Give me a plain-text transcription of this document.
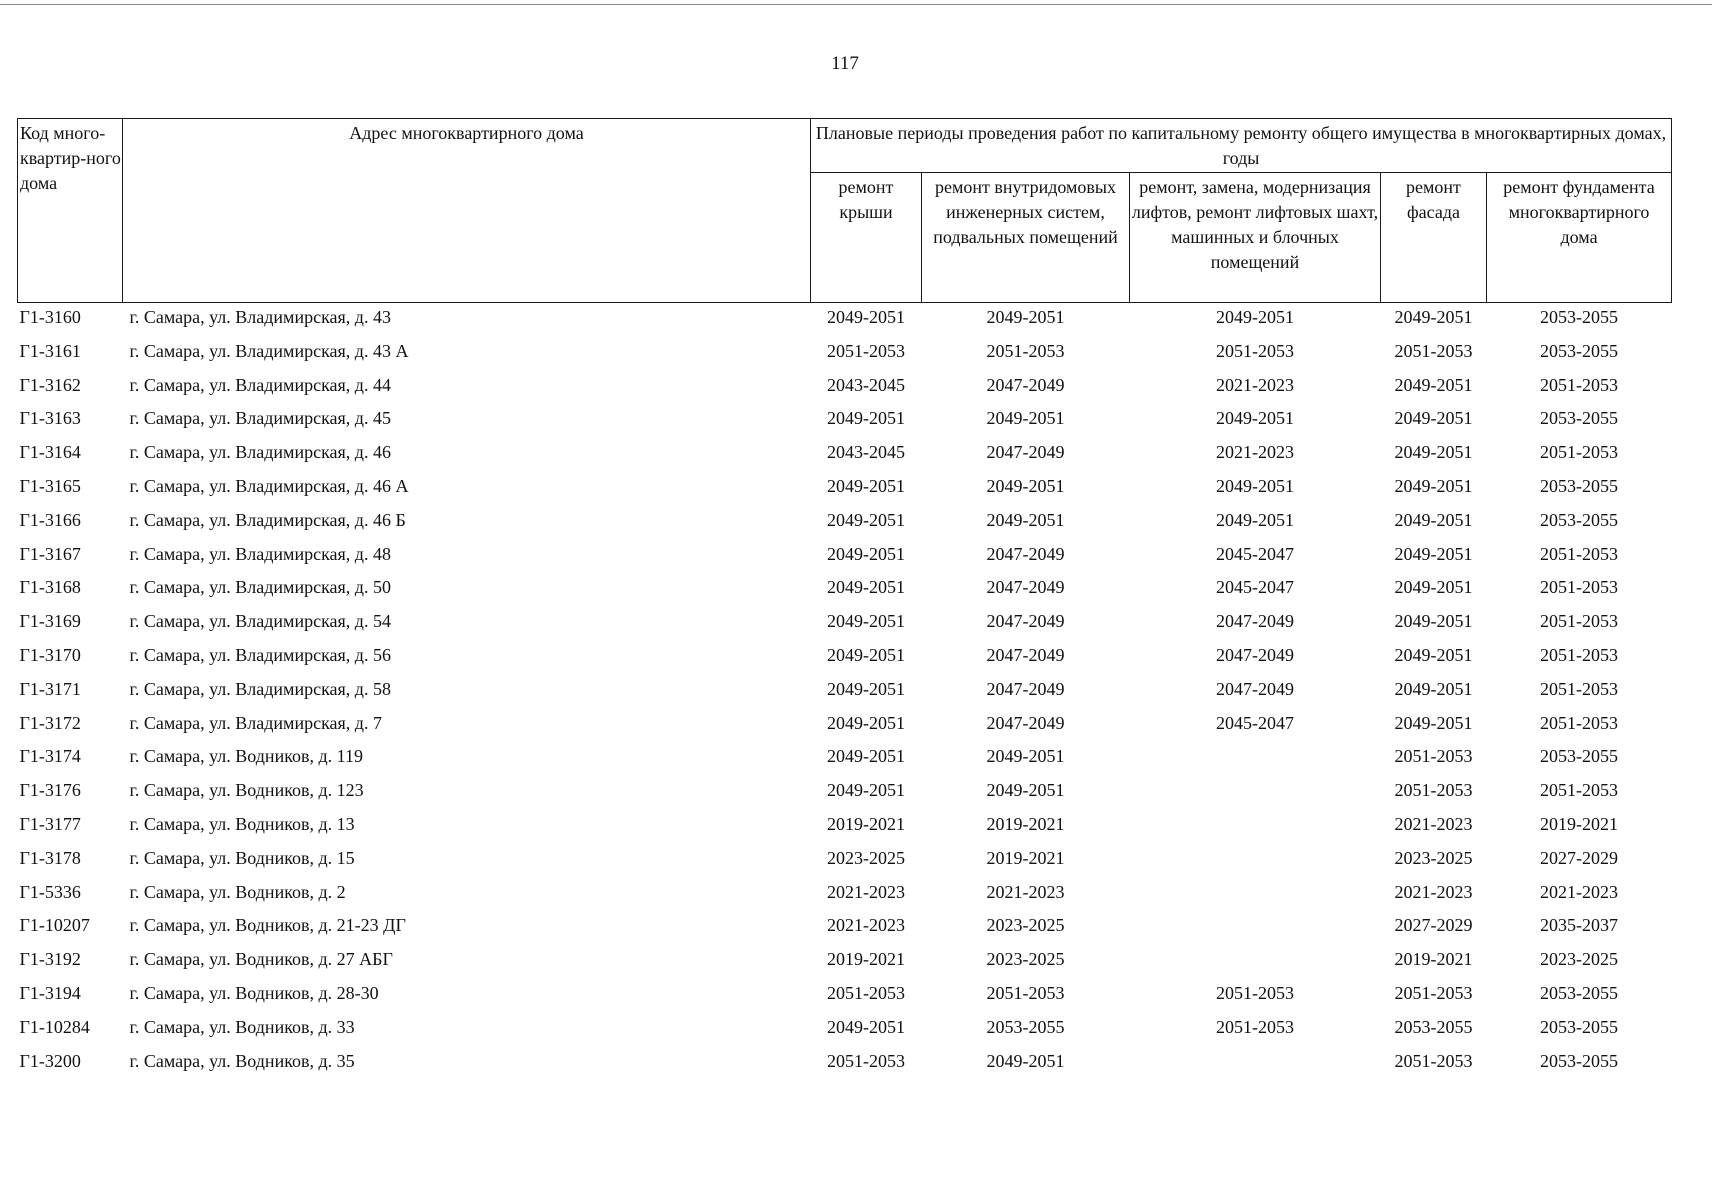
117
Код много-квартир-ного дома	Адрес многоквартирного дома	Плановые периоды проведения работ по капитальному ремонту общего имущества в многоквартирных домах, годы				
		ремонт крыши	ремонт внутридомовых инженерных систем, подвальных помещений	ремонт, замена, модернизация лифтов, ремонт лифтовых шахт, машинных и блочных помещений	ремонт фасада	ремонт фундамента многоквартирного дома
Г1-3160	г. Самара, ул. Владимирская, д. 43	2049-2051	2049-2051	2049-2051	2049-2051	2053-2055
Г1-3161	г. Самара, ул. Владимирская, д. 43 А	2051-2053	2051-2053	2051-2053	2051-2053	2053-2055
Г1-3162	г. Самара, ул. Владимирская, д. 44	2043-2045	2047-2049	2021-2023	2049-2051	2051-2053
Г1-3163	г. Самара, ул. Владимирская, д. 45	2049-2051	2049-2051	2049-2051	2049-2051	2053-2055
Г1-3164	г. Самара, ул. Владимирская, д. 46	2043-2045	2047-2049	2021-2023	2049-2051	2051-2053
Г1-3165	г. Самара, ул. Владимирская, д. 46 А	2049-2051	2049-2051	2049-2051	2049-2051	2053-2055
Г1-3166	г. Самара, ул. Владимирская, д. 46 Б	2049-2051	2049-2051	2049-2051	2049-2051	2053-2055
Г1-3167	г. Самара, ул. Владимирская, д. 48	2049-2051	2047-2049	2045-2047	2049-2051	2051-2053
Г1-3168	г. Самара, ул. Владимирская, д. 50	2049-2051	2047-2049	2045-2047	2049-2051	2051-2053
Г1-3169	г. Самара, ул. Владимирская, д. 54	2049-2051	2047-2049	2047-2049	2049-2051	2051-2053
Г1-3170	г. Самара, ул. Владимирская, д. 56	2049-2051	2047-2049	2047-2049	2049-2051	2051-2053
Г1-3171	г. Самара, ул. Владимирская, д. 58	2049-2051	2047-2049	2047-2049	2049-2051	2051-2053
Г1-3172	г. Самара, ул. Владимирская, д. 7	2049-2051	2047-2049	2045-2047	2049-2051	2051-2053
Г1-3174	г. Самара, ул. Водников, д. 119	2049-2051	2049-2051		2051-2053	2053-2055
Г1-3176	г. Самара, ул. Водников, д. 123	2049-2051	2049-2051		2051-2053	2051-2053
Г1-3177	г. Самара, ул. Водников, д. 13	2019-2021	2019-2021		2021-2023	2019-2021
Г1-3178	г. Самара, ул. Водников, д. 15	2023-2025	2019-2021		2023-2025	2027-2029
Г1-5336	г. Самара, ул. Водников, д. 2	2021-2023	2021-2023		2021-2023	2021-2023
Г1-10207	г. Самара, ул. Водников, д. 21-23 ДГ	2021-2023	2023-2025		2027-2029	2035-2037
Г1-3192	г. Самара, ул. Водников, д. 27 АБГ	2019-2021	2023-2025		2019-2021	2023-2025
Г1-3194	г. Самара, ул. Водников, д. 28-30	2051-2053	2051-2053	2051-2053	2051-2053	2053-2055
Г1-10284	г. Самара, ул. Водников, д. 33	2049-2051	2053-2055	2051-2053	2053-2055	2053-2055
Г1-3200	г. Самара, ул. Водников, д. 35	2051-2053	2049-2051		2051-2053	2053-2055
